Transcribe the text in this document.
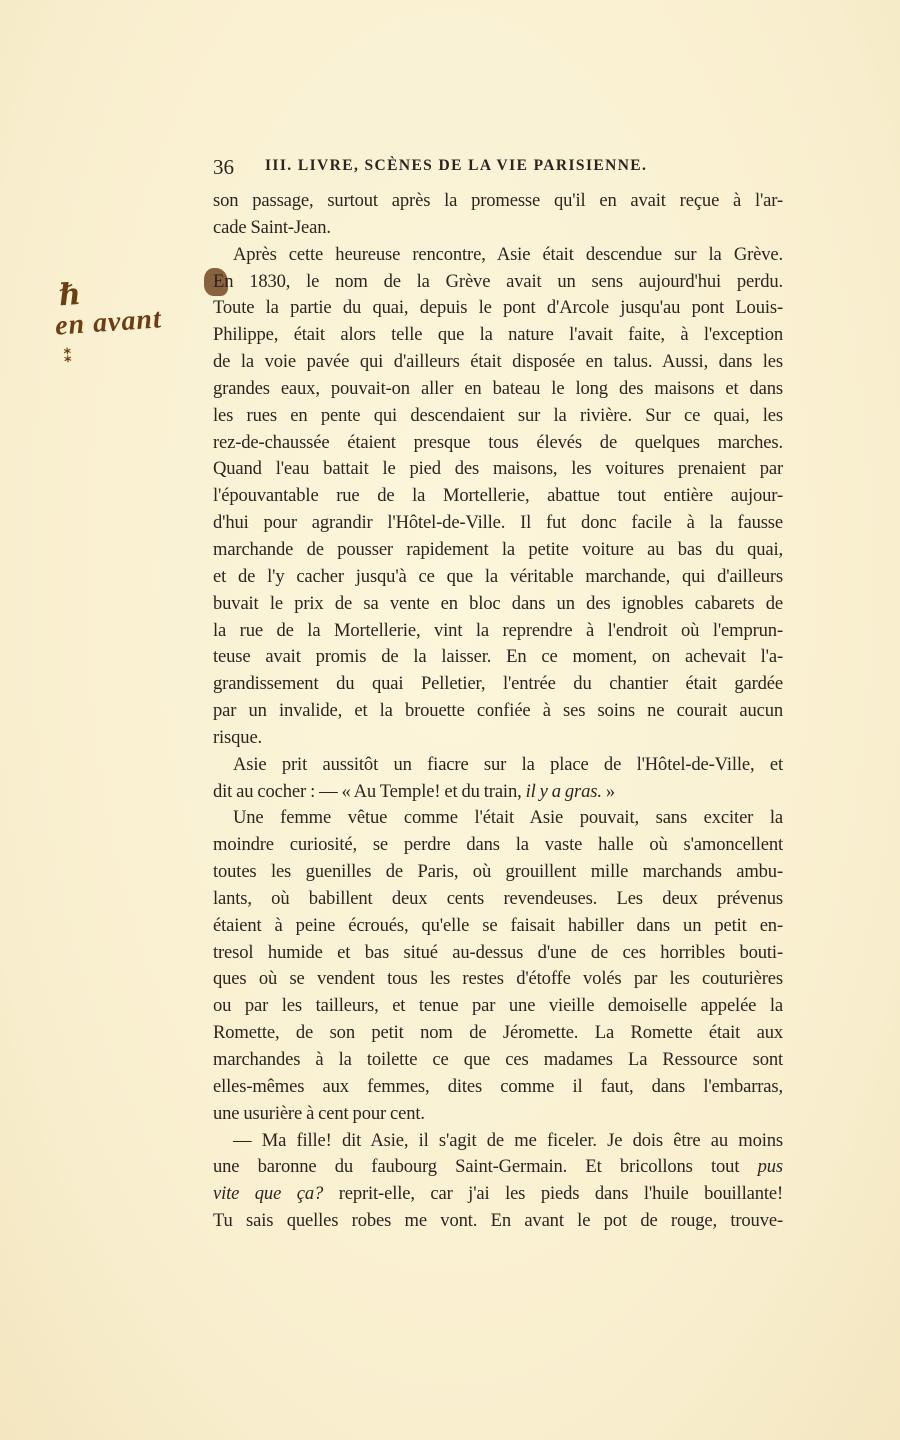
36 III. LIVRE, SCÈNES DE LA VIE PARISIENNE.
ℏ
en avant
⁑
son passage, surtout après la promesse qu'il en avait reçue à l'ar-
cade Saint-Jean.
Après cette heureuse rencontre, Asie était descendue sur la Grève.
En 1830, le nom de la Grève avait un sens aujourd'hui perdu.
Toute la partie du quai, depuis le pont d'Arcole jusqu'au pont Louis-
Philippe, était alors telle que la nature l'avait faite, à l'exception
de la voie pavée qui d'ailleurs était disposée en talus. Aussi, dans les
grandes eaux, pouvait-on aller en bateau le long des maisons et dans
les rues en pente qui descendaient sur la rivière. Sur ce quai, les
rez-de-chaussée étaient presque tous élevés de quelques marches.
Quand l'eau battait le pied des maisons, les voitures prenaient par
l'épouvantable rue de la Mortellerie, abattue tout entière aujour-
d'hui pour agrandir l'Hôtel-de-Ville. Il fut donc facile à la fausse
marchande de pousser rapidement la petite voiture au bas du quai,
et de l'y cacher jusqu'à ce que la véritable marchande, qui d'ailleurs
buvait le prix de sa vente en bloc dans un des ignobles cabarets de
la rue de la Mortellerie, vint la reprendre à l'endroit où l'emprun-
teuse avait promis de la laisser. En ce moment, on achevait l'a-
grandissement du quai Pelletier, l'entrée du chantier était gardée
par un invalide, et la brouette confiée à ses soins ne courait aucun
risque.
Asie prit aussitôt un fiacre sur la place de l'Hôtel-de-Ville, et
dit au cocher : — « Au Temple! et du train, il y a gras. »
Une femme vêtue comme l'était Asie pouvait, sans exciter la
moindre curiosité, se perdre dans la vaste halle où s'amoncellent
toutes les guenilles de Paris, où grouillent mille marchands ambu-
lants, où babillent deux cents revendeuses. Les deux prévenus
étaient à peine écroués, qu'elle se faisait habiller dans un petit en-
tresol humide et bas situé au-dessus d'une de ces horribles bouti-
ques où se vendent tous les restes d'étoffe volés par les couturières
ou par les tailleurs, et tenue par une vieille demoiselle appelée la
Romette, de son petit nom de Jéromette. La Romette était aux
marchandes à la toilette ce que ces madames La Ressource sont
elles-mêmes aux femmes, dites comme il faut, dans l'embarras,
une usurière à cent pour cent.
— Ma fille! dit Asie, il s'agit de me ficeler. Je dois être au moins
une baronne du faubourg Saint-Germain. Et bricollons tout pus
vite que ça? reprit-elle, car j'ai les pieds dans l'huile bouillante!
Tu sais quelles robes me vont. En avant le pot de rouge, trouve-
